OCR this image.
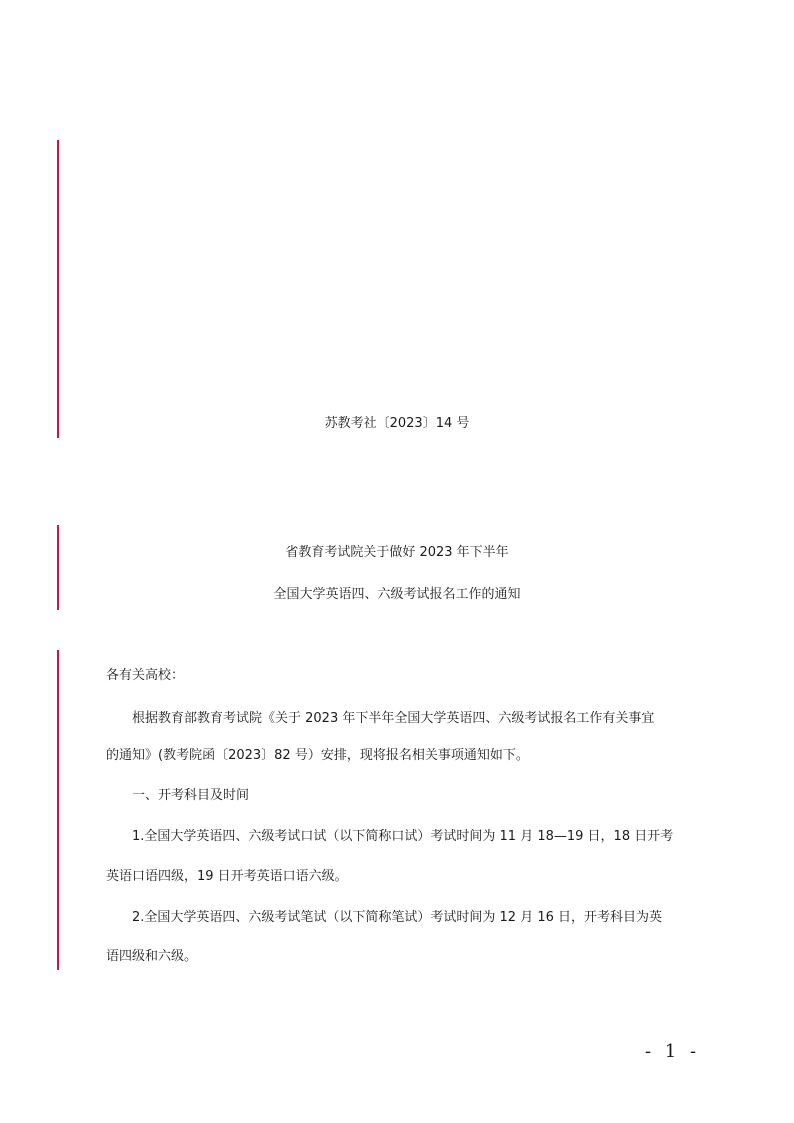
苏教考社〔2023〕14 号
省教育考试院关于做好 2023 年下半年
全国大学英语四、六级考试报名工作的通知
各有关高校：
根据教育部教育考试院《关于 2023 年下半年全国大学英语四、六级考试报名工作有关事宜
的通知》(教考院函〔2023〕82 号）安排，现将报名相关事项通知如下。
一、开考科目及时间
1.全国大学英语四、六级考试口试（以下简称口试）考试时间为 11 月 18—19 日，18 日开考
英语口语四级，19 日开考英语口语六级。
2.全国大学英语四、六级考试笔试（以下简称笔试）考试时间为 12 月 16 日，开考科目为英
语四级和六级。
- 1 -
